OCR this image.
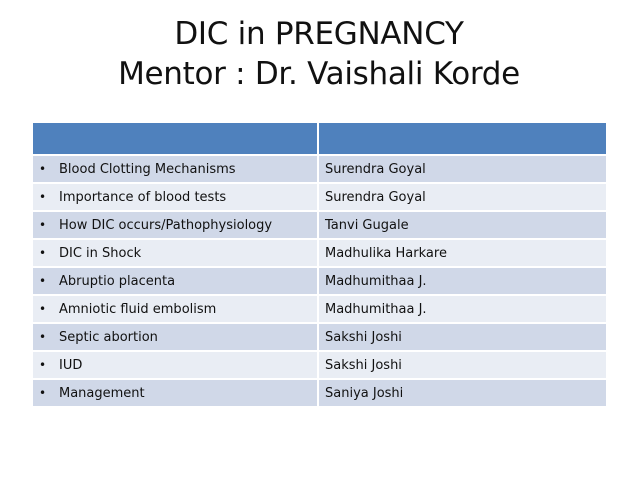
DIC in PREGNANCY
Mentor : Dr. Vaishali Korde

• Blood Clotting Mechanisms	Surendra Goyal
• Importance of blood tests	Surendra Goyal
• How DIC occurs/Pathophysiology	Tanvi Gugale
• DIC in Shock	Madhulika Harkare
• Abruptio placenta	Madhumithaa J.
• Amniotic fluid embolism	Madhumithaa J.
• Septic abortion	Sakshi Joshi
• IUD	Sakshi Joshi
• Management	Saniya Joshi
